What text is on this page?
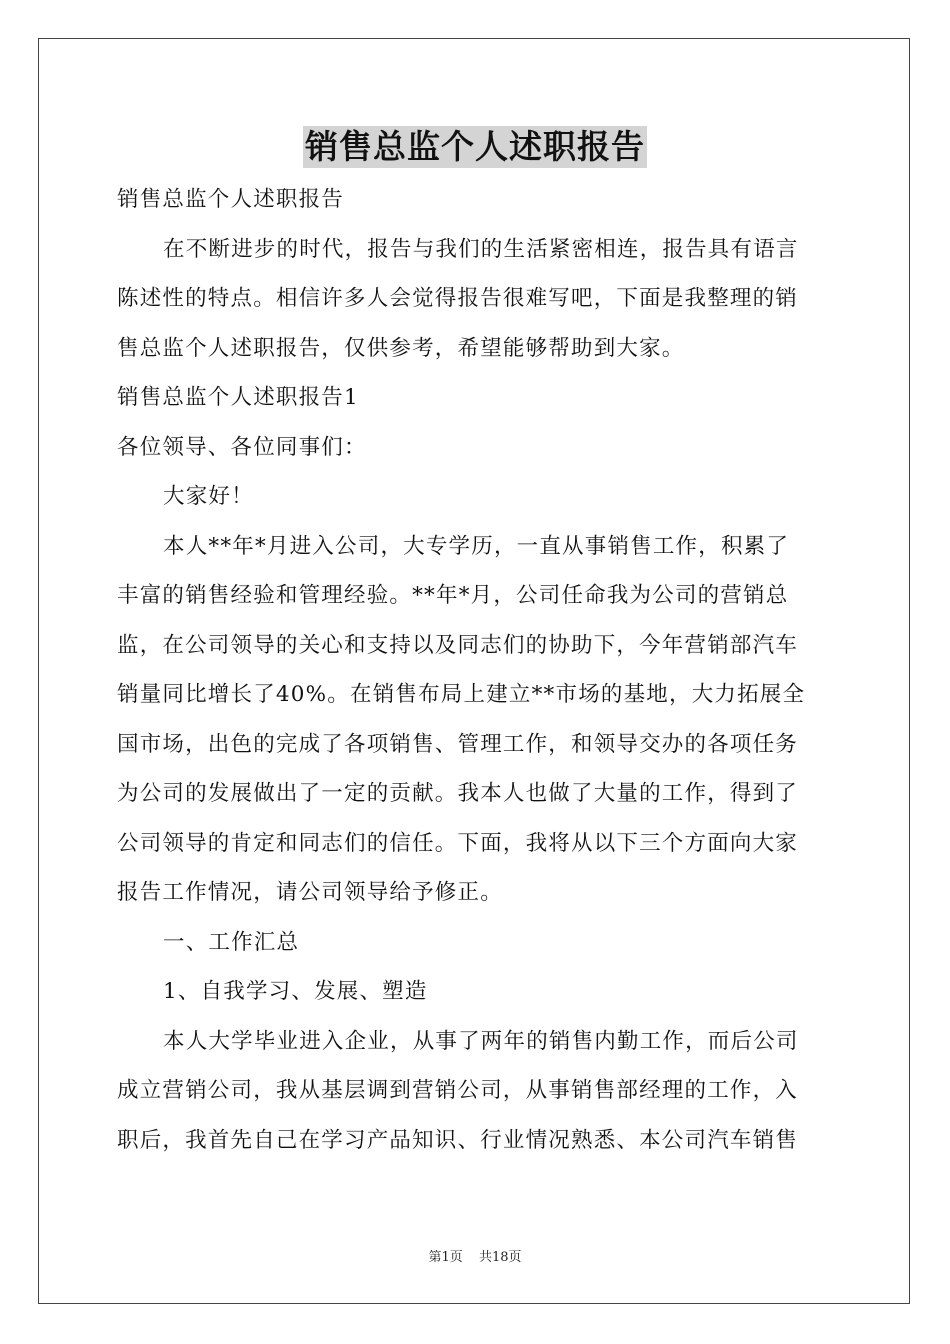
销售总监个人述职报告
销售总监个人述职报告
在不断进步的时代，报告与我们的生活紧密相连，报告具有语言
陈述性的特点。相信许多人会觉得报告很难写吧，下面是我整理的销
售总监个人述职报告，仅供参考，希望能够帮助到大家。
销售总监个人述职报告1
各位领导、各位同事们：
大家好！
本人**年*月进入公司，大专学历，一直从事销售工作，积累了
丰富的销售经验和管理经验。**年*月，公司任命我为公司的营销总
监，在公司领导的关心和支持以及同志们的协助下，今年营销部汽车
销量同比增长了40%。在销售布局上建立**市场的基地，大力拓展全
国市场，出色的完成了各项销售、管理工作，和领导交办的各项任务
为公司的发展做出了一定的贡献。我本人也做了大量的工作，得到了
公司领导的肯定和同志们的信任。下面，我将从以下三个方面向大家
报告工作情况，请公司领导给予修正。
一、工作汇总
1、自我学习、发展、塑造
本人大学毕业进入企业，从事了两年的销售内勤工作，而后公司
成立营销公司，我从基层调到营销公司，从事销售部经理的工作，入
职后，我首先自己在学习产品知识、行业情况熟悉、本公司汽车销售
第1页 共18页
